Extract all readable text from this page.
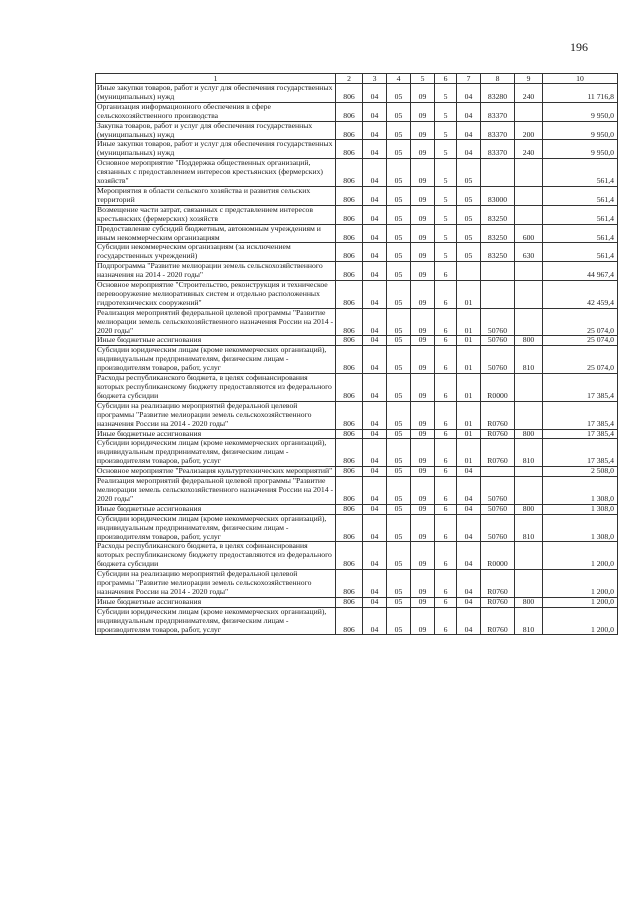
196
1	2	3	4	5	6	7	8	9	10
Иные закупки товаров, работ и услуг для обеспечения государственных (муниципальных) нужд	806	04	05	09	5	04	83280	240	11 716,8
Организация информационного обеспечения в сфере сельскохозяйственного производства	806	04	05	09	5	04	83370		9 950,0
Закупка товаров, работ и услуг для обеспечения государственных (муниципальных) нужд	806	04	05	09	5	04	83370	200	9 950,0
Иные закупки товаров, работ и услуг для обеспечения государственных (муниципальных) нужд	806	04	05	09	5	04	83370	240	9 950,0
Основное мероприятие "Поддержка общественных организаций, связанных с предоставлением интересов крестьянских (фермерских) хозяйств"	806	04	05	09	5	05			561,4
Мероприятия в области сельского хозяйства и развития сельских территорий	806	04	05	09	5	05	83000		561,4
Возмещение части затрат, связанных с представлением интересов крестьянских (фермерских) хозяйств	806	04	05	09	5	05	83250		561,4
Предоставление субсидий бюджетным, автономным учреждениям и иным некоммерческим организациям	806	04	05	09	5	05	83250	600	561,4
Субсидии некоммерческим организациям (за исключением государственных учреждений)	806	04	05	09	5	05	83250	630	561,4
Подпрограмма "Развитие мелиорации земель сельскохозяйственного назначения на 2014 - 2020 годы"	806	04	05	09	6				44 967,4
Основное мероприятие "Строительство, реконструкция и техническое перевооружение мелиоративных систем и отдельно расположенных гидротехнических сооружений"	806	04	05	09	6	01			42 459,4
Реализация мероприятий федеральной целевой программы "Развитие мелиорации земель сельскохозяйственного назначения России на 2014 - 2020 годы"	806	04	05	09	6	01	50760		25 074,0
Иные бюджетные ассигнования	806	04	05	09	6	01	50760	800	25 074,0
Субсидии юридическим лицам (кроме некоммерческих организаций), индивидуальным предпринимателям, физическим лицам - производителям товаров, работ, услуг	806	04	05	09	6	01	50760	810	25 074,0
Расходы республиканского бюджета, в целях софинансирования которых республиканскому бюджету предоставляются из федерального бюджета субсидии	806	04	05	09	6	01	R0000		17 385,4
Субсидии на реализацию мероприятий федеральной целевой программы "Развитие мелиорации земель сельскохозяйственного назначения России на 2014 - 2020 годы"	806	04	05	09	6	01	R0760		17 385,4
Иные бюджетные ассигнования	806	04	05	09	6	01	R0760	800	17 385,4
Субсидии юридическим лицам (кроме некоммерческих организаций), индивидуальным предпринимателям, физическим лицам - производителям товаров, работ, услуг	806	04	05	09	6	01	R0760	810	17 385,4
Основное мероприятие "Реализация культуртехнических мероприятий"	806	04	05	09	6	04			2 508,0
Реализация мероприятий федеральной целевой программы "Развитие мелиорации земель сельскохозяйственного назначения России на 2014 - 2020 годы"	806	04	05	09	6	04	50760		1 308,0
Иные бюджетные ассигнования	806	04	05	09	6	04	50760	800	1 308,0
Субсидии юридическим лицам (кроме некоммерческих организаций), индивидуальным предпринимателям, физическим лицам - производителям товаров, работ, услуг	806	04	05	09	6	04	50760	810	1 308,0
Расходы республиканского бюджета, в целях софинансирования которых республиканскому бюджету предоставляются из федерального бюджета субсидии	806	04	05	09	6	04	R0000		1 200,0
Субсидии на реализацию мероприятий федеральной целевой программы "Развитие мелиорации земель сельскохозяйственного назначения России на 2014 - 2020 годы"	806	04	05	09	6	04	R0760		1 200,0
Иные бюджетные ассигнования	806	04	05	09	6	04	R0760	800	1 200,0
Субсидии юридическим лицам (кроме некоммерческих организаций), индивидуальным предпринимателям, физическим лицам - производителям товаров, работ, услуг	806	04	05	09	6	04	R0760	810	1 200,0
